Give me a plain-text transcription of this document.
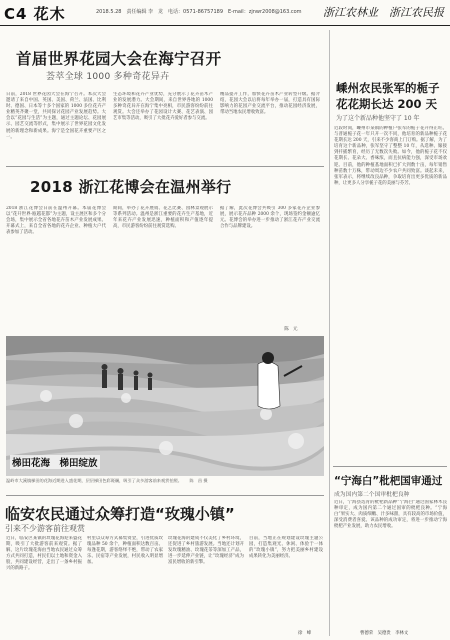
C4 花木	2018.5.28　责任编辑 李　龙　电话：0571-86757189　E-mail：zjnwr2008@163.com 浙江农林业　浙江农民报
首届世界花园大会在海宁召开
荟萃全球 1000 多种奇花异卉
日前，2018 世界花园大会在海宁召开。本次大会邀请了来自中国、英国、美国、荷兰、法国、比利时、德国、日本等十多个国家的 1000 多位花卉产业精英齐聚一堂，共同探讨花园产业发展趋势。大会以“花园与生活”为主题，通过主题论坛、花园展示、园艺交流等形式，集中展示了世界花园文化发展的新理念和新成果。海宁是全国花卉重要产区之一。
生态环境和花卉产业优势，充分展示了花卉苗木产业的发展潜力。大会期间，来自世界各地的 1000 多种奇花异卉在海宁集中亮相，市民游客纷纷前往观赏。大会还举办了花园设计大赛、花艺表演、园艺市集等活动，吸引了大批花卉爱好者参与交流。
精品提升工作，加快花卉苗木产业转型升级。据介绍，花园大会以后将每年举办一届，打造具有国际影响力的花园产业交流平台，推动花园经济发展，带动当地农民增收致富。
2018 浙江花博会在温州举行
2018 浙江花博会日前在温州开幕。本届花博会以“花开世界·瓯越花都”为主题，设主展区和多个分会场，集中展示全省各地花卉苗木产业发展成果。开幕式上，来自全省各地的花卉企业、种植大户代表参加了活动。
期间，举办了花卉展销、花艺比赛、园林景观展示等系列活动。温州是浙江重要的花卉生产基地，近年来花卉产业发展迅速，种植面积和产值逐年提高，市民游客纷纷前往观赏选购。
据了解，此次花博会共吸引 300 多家花卉企业参展，展示花卉品种 2000 余个，现场签约金额逾亿元。花博会的举办进一步推动了浙江花卉产业交流合作与品牌建设。
　陈　元
梯田花海　梯田绽放
温岭市大溪镇梯田的花海近期进入盛花期，层层梯田色彩斑斓，吸引了众多游客前来观赏拍照。　　 陈　昌 摄
临安农民通过众筹打造“玫瑰小镇”
引来不少游客前往观赏
近日，临安区某镇的玫瑰花海迎来盛花期，吸引了大批游客前来观赏。据了解，这片玫瑰花海由当地农民通过众筹方式共同打造，村民们以土地和资金入股，共同建设经营，走出了一条乡村振兴的新路子。
村里以众筹方式募集资金，引进优质玫瑰品种 50 余个，种植面积达数百亩。每逢花期，游客络绎不绝，带动了农家乐、民宿等产业发展，村民收入明显增加。
玫瑰花海的建成不仅美化了乡村环境，还促进了乡村旅游发展。当地还计划开发玫瑰精油、玫瑰花茶等深加工产品，进一步延伸产业链，让“玫瑰经济”成为富民增收的新引擎。
目前，当地正在规划建设玫瑰主题公园，打造集观光、休闲、体验于一体的“玫瑰小镇”，努力把美丽乡村建设成果转化为美丽经济。
徐　峰
嵊州农民张军的栀子花花期长达 200 天
为了这个新品种他坚守了 10 年
近段时间，嵊州市某镇的种植户张军的栀子花开得正旺。与普通栀子花一年只开一次不同，他培育的新品种栀子花花期长达 200 天，引来不少客商上门订购。据了解，为了培育这个新品种，张军坚守了整整 10 年，从选种、嫁接到扦插繁育，经历了无数次失败。如今，他的栀子花不仅花期长、花朵大、香味浓，而且抗病能力强，深受市场欢迎。目前，他的种植基地面积已扩大到数十亩，每年销售种苗数十万株，带动周边不少农户共同致富。谈起未来，张军表示，将继续改良品种，争取培育出更多优质的新品种，让更多人分享栀子花的美丽与芬芳。
“宁海白”枇杷国审通过
成为国内第二个国审枇杷良种
近日，宁海县选育的枇杷新品种“宁海白”通过国家林木良种审定，成为国内第二个通过国审的枇杷良种。“宁海白”果实大、肉质细嫩、汁多味甜，具有较高的市场价值，深受消费者喜爱。该品种的成功审定，将进一步推动宁海枇杷产业发展，助力农民增收。
曹德荣　吴德贵　李林文
